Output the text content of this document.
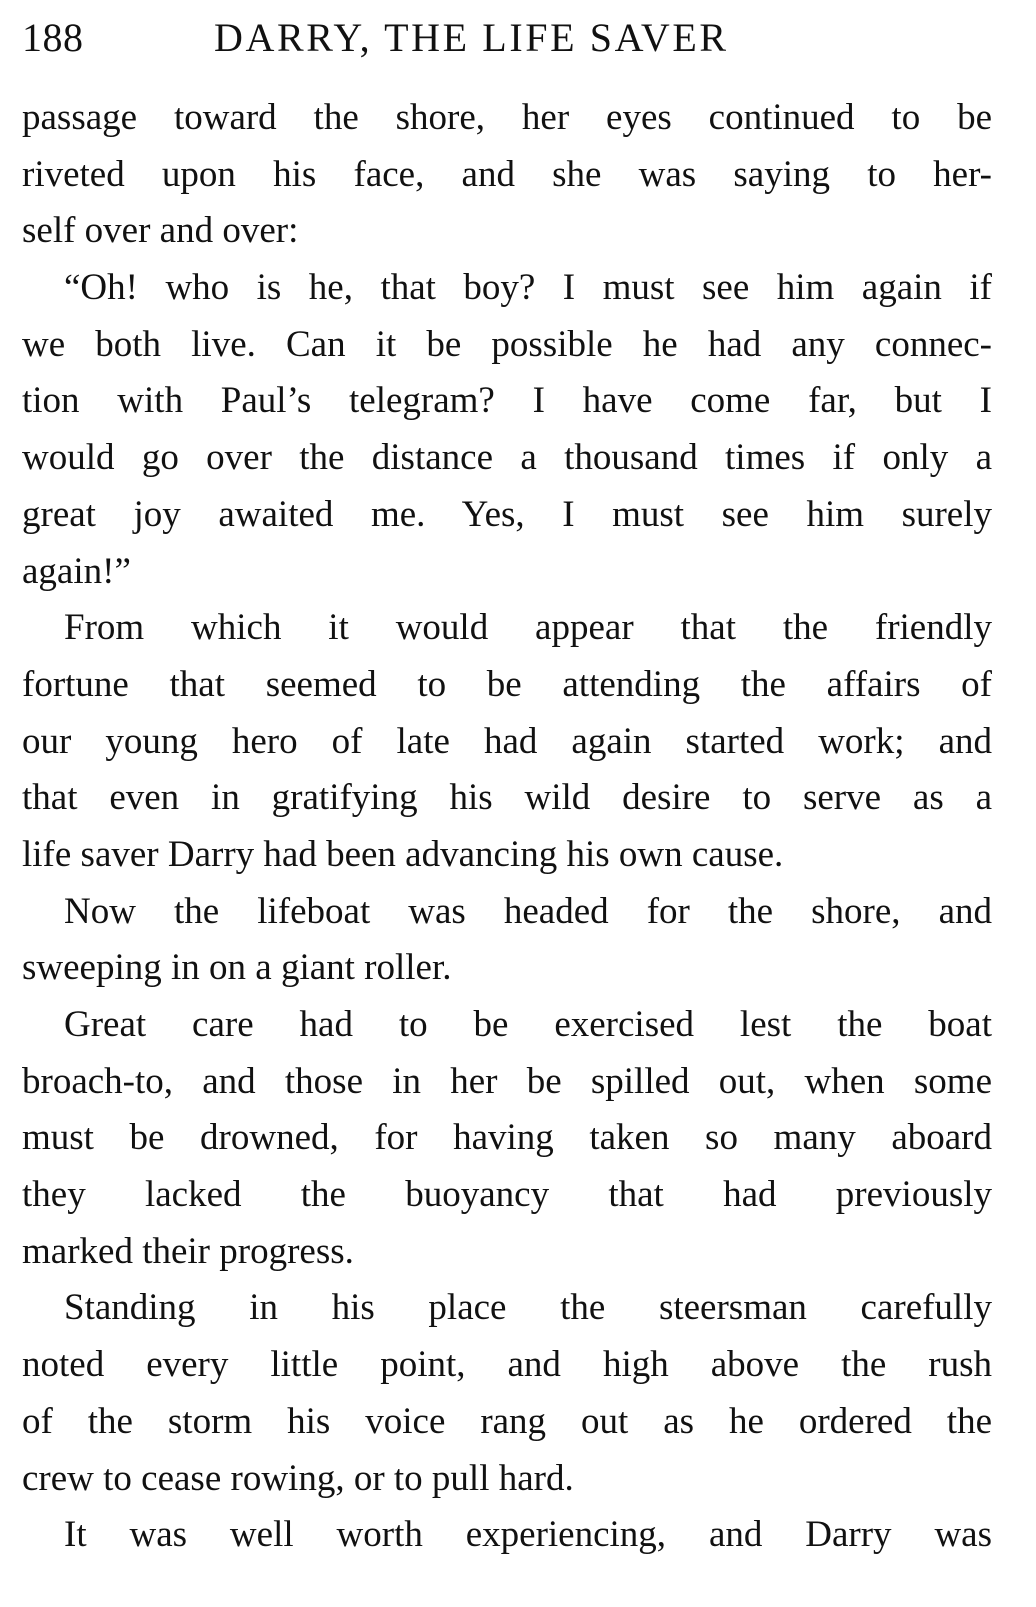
188	DARRY, THE LIFE SAVER
passage toward the shore, her eyes continued to be
riveted upon his face, and she was saying to her-
self over and over:
“Oh! who is he, that boy? I must see him again if
we both live. Can it be possible he had any connec-
tion with Paul’s telegram? I have come far, but I
would go over the distance a thousand times if only a
great joy awaited me. Yes, I must see him surely
again!”
From which it would appear that the friendly
fortune that seemed to be attending the affairs of
our young hero of late had again started work; and
that even in gratifying his wild desire to serve as a
life saver Darry had been advancing his own cause.
Now the lifeboat was headed for the shore, and
sweeping in on a giant roller.
Great care had to be exercised lest the boat
broach-to, and those in her be spilled out, when some
must be drowned, for having taken so many aboard
they lacked the buoyancy that had previously
marked their progress.
Standing in his place the steersman carefully
noted every little point, and high above the rush
of the storm his voice rang out as he ordered the
crew to cease rowing, or to pull hard.
It was well worth experiencing, and Darry was
